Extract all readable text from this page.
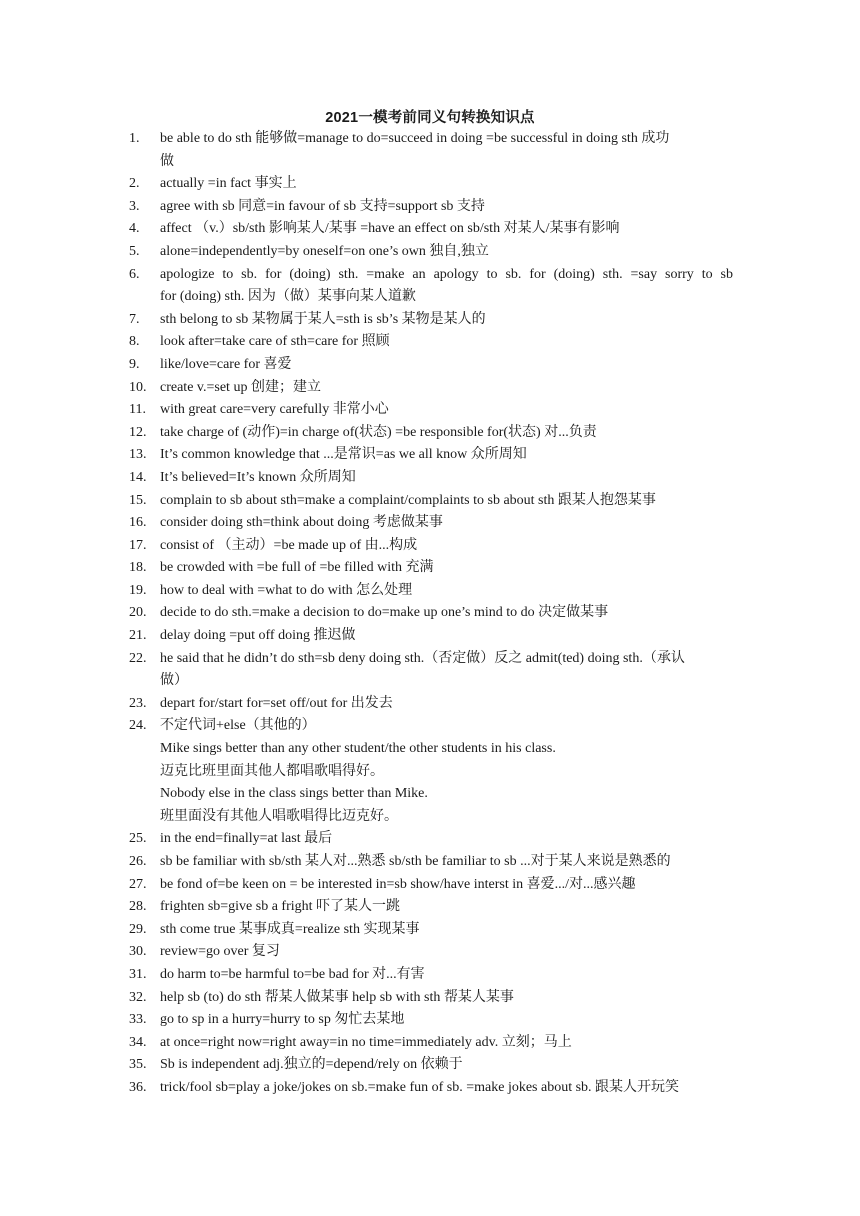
2021一模考前同义句转换知识点
1.	be able to do sth 能够做=manage to do=succeed in doing =be successful in doing sth 成功
做
2.	actually =in fact 事实上
3.	agree with sb 同意=in favour of sb 支持=support sb 支持
4.	affect （v.）sb/sth 影响某人/某事 =have an effect on sb/sth 对某人/某事有影响
5.	alone=independently=by oneself=on one’s own 独自,独立
6.	apologize to sb. for (doing) sth. =make an apology to sb. for (doing) sth. =say sorry to sb
for (doing) sth. 因为（做）某事向某人道歉
7.	sth belong to sb 某物属于某人=sth is sb’s 某物是某人的
8.	look after=take care of sth=care for 照顾
9.	like/love=care for 喜爱
10. create v.=set up 创建；建立
11.	with great care=very carefully 非常小心
12. take charge of (动作)=in charge of(状态) =be responsible for(状态) 对...负责
13. It’s common knowledge that ...是常识=as we all know 众所周知
14. It’s believed=It’s known 众所周知
15. complain to sb about sth=make a complaint/complaints to sb about sth 跟某人抱怨某事
16. consider doing sth=think about doing 考虑做某事
17. consist of （主动）=be made up of 由...构成
18. be crowded with =be full of =be filled with 充满
19. how to deal with =what to do with 怎么处理
20. decide to do sth.=make a decision to do=make up one’s mind to do 决定做某事
21. delay doing =put off doing 推迟做
22. he said that he didn’t do sth=sb deny doing sth.（否定做）反之 admit(ted) doing sth.（承认
做）
23. depart for/start for=set off/out for 出发去
24. 不定代词+else（其他的）
Mike sings better than any other student/the other students in his class.
迈克比班里面其他人都唱歌唱得好。
Nobody else in the class sings better than Mike.
班里面没有其他人唱歌唱得比迈克好。
25. in the end=finally=at last 最后
26. sb be familiar with sb/sth 某人对...熟悉 sb/sth be familiar to sb ...对于某人来说是熟悉的
27. be fond of=be keen on = be interested in=sb show/have interst in 喜爱.../对...感兴趣
28. frighten sb=give sb a fright 吓了某人一跳
29. sth come true 某事成真=realize sth 实现某事
30. review=go over 复习
31. do harm to=be harmful to=be bad for 对...有害
32. help sb (to) do sth 帮某人做某事 help sb with sth 帮某人某事
33. go to sp in a hurry=hurry to sp 匆忙去某地
34. at once=right now=right away=in no time=immediately adv. 立刻；马上
35. Sb is independent adj.独立的=depend/rely on 依赖于
36. trick/fool sb=play a joke/jokes on sb.=make fun of sb. =make jokes about sb. 跟某人开玩笑
